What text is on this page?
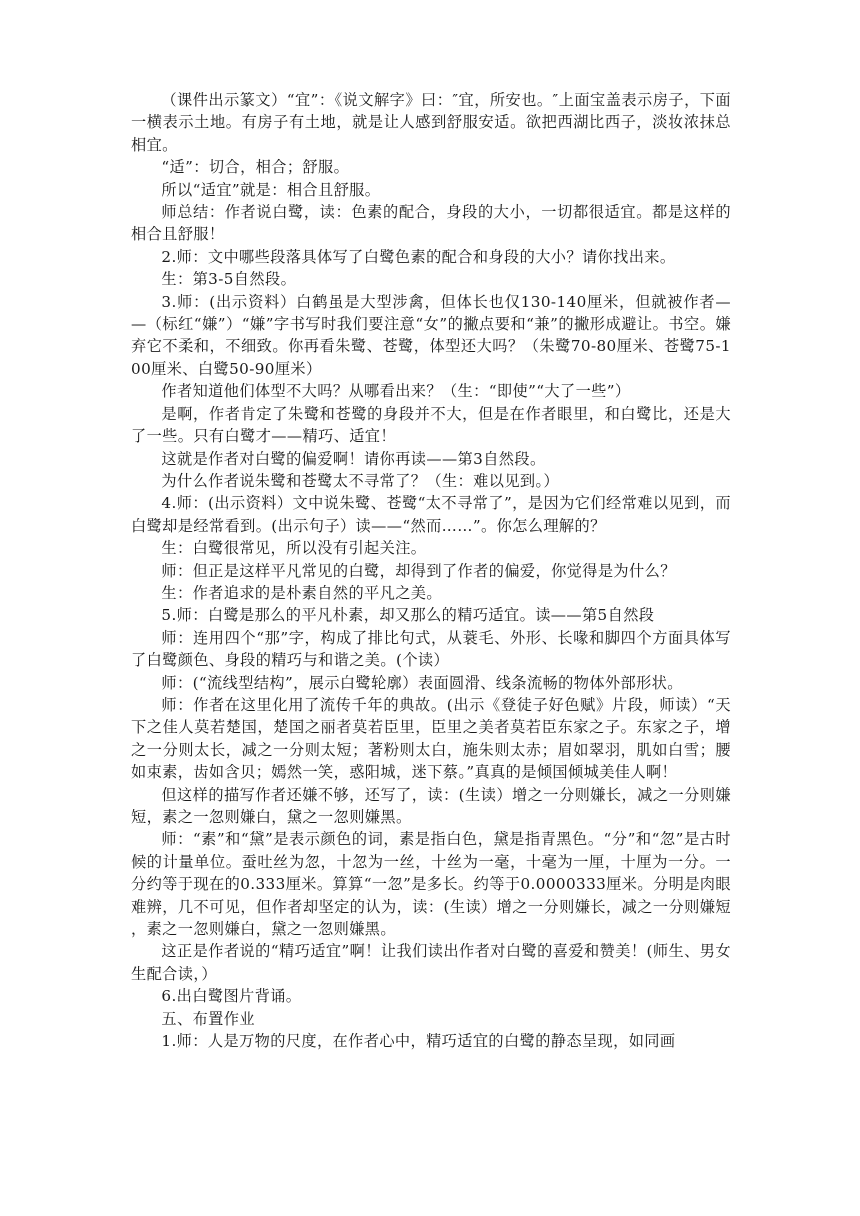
（课件出示篆文）“宜”：《说文解字》曰：″宜，所安也。″上面宝盖表示房子，下面一横表示土地。有房子有土地，就是让人感到舒服安适。欲把西湖比西子，淡妆浓抹总相宜。

“适”：切合，相合；舒服。

所以“适宜”就是：相合且舒服。

师总结：作者说白鹭，读：色素的配合，身段的大小，一切都很适宜。都是这样的相合且舒服！

2.师：文中哪些段落具体写了白鹭色素的配合和身段的大小？请你找出来。

生：第3-5自然段。

3.师：(出示资料）白鹤虽是大型涉禽，但体长也仅130-140厘米，但就被作者——（标红“嫌”）“嫌”字书写时我们要注意“女”的撇点要和“兼”的撇形成避让。书空。嫌弃它不柔和，不细致。你再看朱鹭、苍鹭，体型还大吗？（朱鹭70-80厘米、苍鹭75-100厘米、白鹭50-90厘米）

作者知道他们体型不大吗？从哪看出来？（生：“即使”“大了一些”）

是啊，作者肯定了朱鹭和苍鹭的身段并不大，但是在作者眼里，和白鹭比，还是大了一些。只有白鹭才——精巧、适宜！

这就是作者对白鹭的偏爱啊！请你再读——第3自然段。

为什么作者说朱鹭和苍鹭太不寻常了？（生：难以见到。）

4.师：(出示资料）文中说朱鹭、苍鹭“太不寻常了”，是因为它们经常难以见到，而白鹭却是经常看到。(出示句子）读——“然而……”。你怎么理解的？

生：白鹭很常见，所以没有引起关注。

师：但正是这样平凡常见的白鹭，却得到了作者的偏爱，你觉得是为什么？

生：作者追求的是朴素自然的平凡之美。

5.师：白鹭是那么的平凡朴素，却又那么的精巧适宜。读——第5自然段

师：连用四个“那”字，构成了排比句式，从蓑毛、外形、长喙和脚四个方面具体写了白鹭颜色、身段的精巧与和谐之美。(个读）

师：(“流线型结构”，展示白鹭轮廓）表面圆滑、线条流畅的物体外部形状。

师：作者在这里化用了流传千年的典故。(出示《登徒子好色赋》片段，师读）“天下之佳人莫若楚国，楚国之丽者莫若臣里，臣里之美者莫若臣东家之子。东家之子，增之一分则太长，减之一分则太短；著粉则太白，施朱则太赤；眉如翠羽，肌如白雪；腰如束素，齿如含贝；嫣然一笑，惑阳城，迷下蔡。”真真的是倾国倾城美佳人啊！

但这样的描写作者还嫌不够，还写了，读：(生读）增之一分则嫌长，减之一分则嫌短，素之一忽则嫌白，黛之一忽则嫌黑。

师：“素”和“黛”是表示颜色的词，素是指白色，黛是指青黑色。“分”和“忽”是古时候的计量单位。蚕吐丝为忽，十忽为一丝，十丝为一毫，十毫为一厘，十厘为一分。一分约等于现在的0.333厘米。算算“一忽”是多长。约等于0.0000333厘米。分明是肉眼难辨，几不可见，但作者却坚定的认为，读：(生读）增之一分则嫌长，减之一分则嫌短，素之一忽则嫌白，黛之一忽则嫌黑。

这正是作者说的“精巧适宜”啊！让我们读出作者对白鹭的喜爱和赞美！(师生、男女生配合读，）

6.出白鹭图片背诵。

五、布置作业

1.师：人是万物的尺度，在作者心中，精巧适宜的白鹭的静态呈现，如同画
